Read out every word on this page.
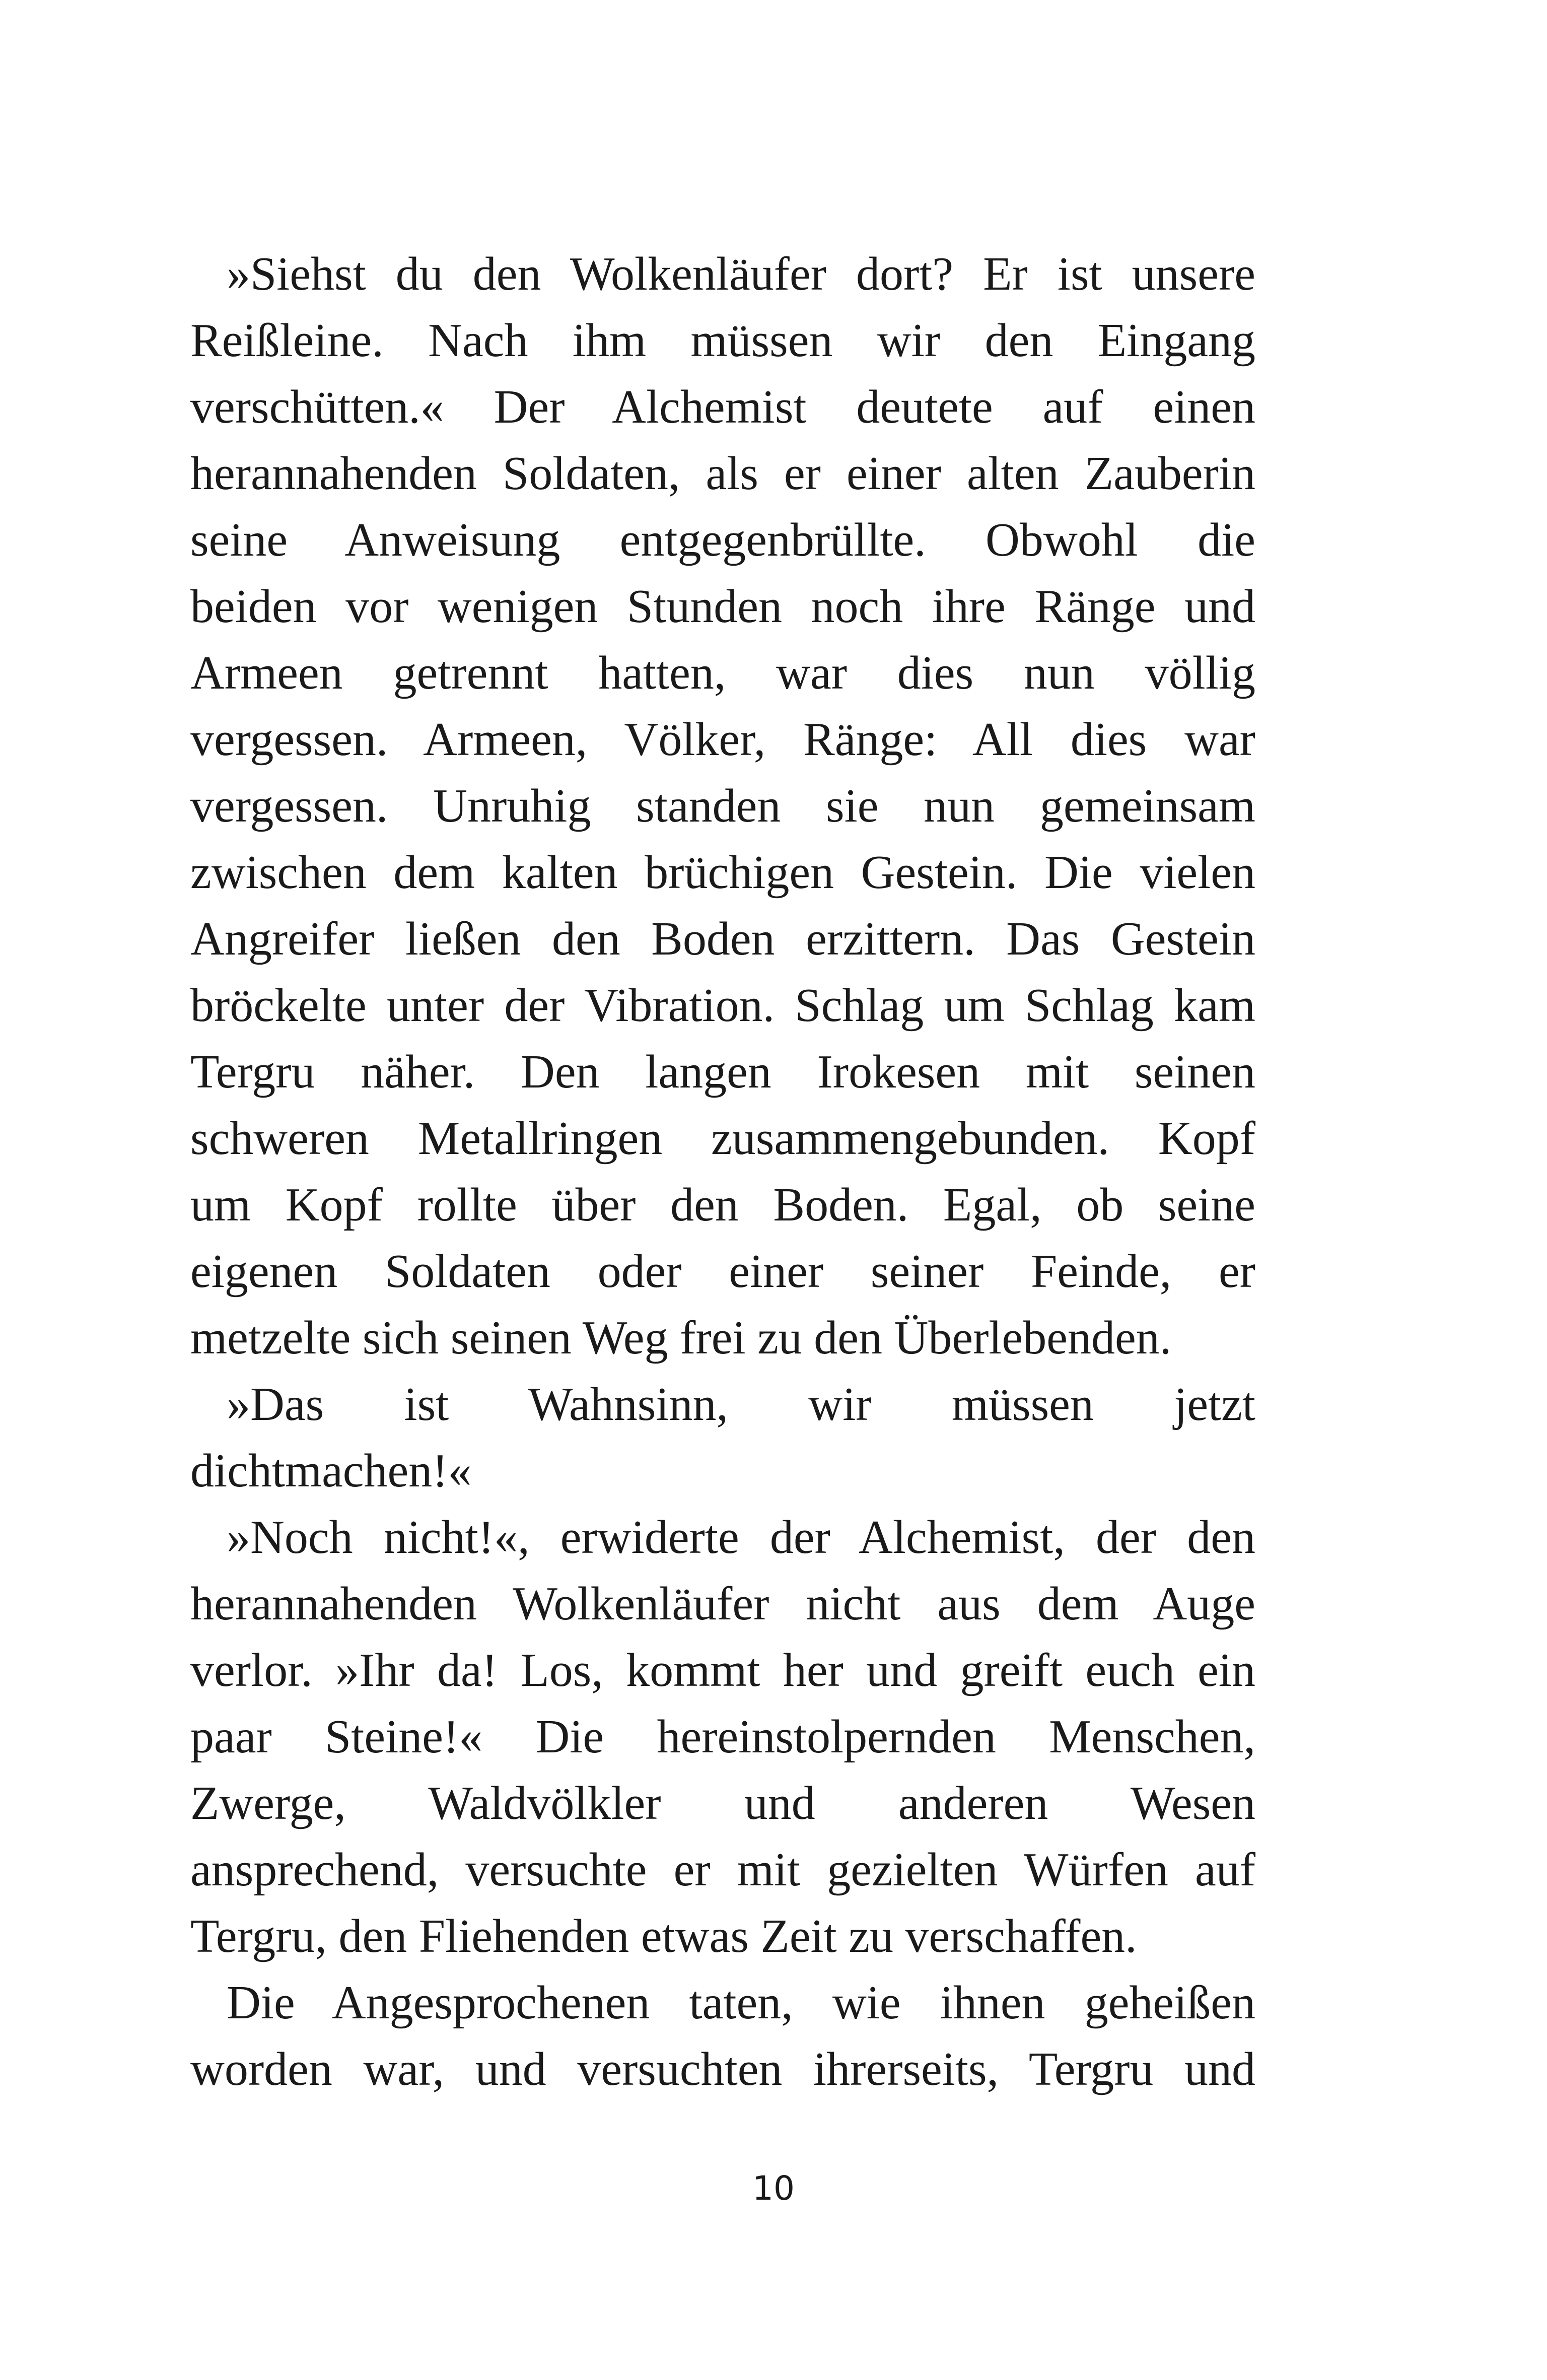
»Siehst du den Wolkenläufer dort? Er ist unsere
Reißleine. Nach ihm müssen wir den Eingang
verschütten.« Der Alchemist deutete auf einen
herannahenden Soldaten, als er einer alten Zauberin
seine Anweisung entgegenbrüllte. Obwohl die
beiden vor wenigen Stunden noch ihre Ränge und
Armeen getrennt hatten, war dies nun völlig
vergessen. Armeen, Völker, Ränge: All dies war
vergessen. Unruhig standen sie nun gemeinsam
zwischen dem kalten brüchigen Gestein. Die vielen
Angreifer ließen den Boden erzittern. Das Gestein
bröckelte unter der Vibration. Schlag um Schlag kam
Tergru näher. Den langen Irokesen mit seinen
schweren Metallringen zusammengebunden. Kopf
um Kopf rollte über den Boden. Egal, ob seine
eigenen Soldaten oder einer seiner Feinde, er
metzelte sich seinen Weg frei zu den Überlebenden.
»Das ist Wahnsinn, wir müssen jetzt
dichtmachen!«
»Noch nicht!«, erwiderte der Alchemist, der den
herannahenden Wolkenläufer nicht aus dem Auge
verlor. »Ihr da! Los, kommt her und greift euch ein
paar Steine!« Die hereinstolpernden Menschen,
Zwerge, Waldvölkler und anderen Wesen
ansprechend, versuchte er mit gezielten Würfen auf
Tergru, den Fliehenden etwas Zeit zu verschaffen.
Die Angesprochenen taten, wie ihnen geheißen
worden war, und versuchten ihrerseits, Tergru und
10
